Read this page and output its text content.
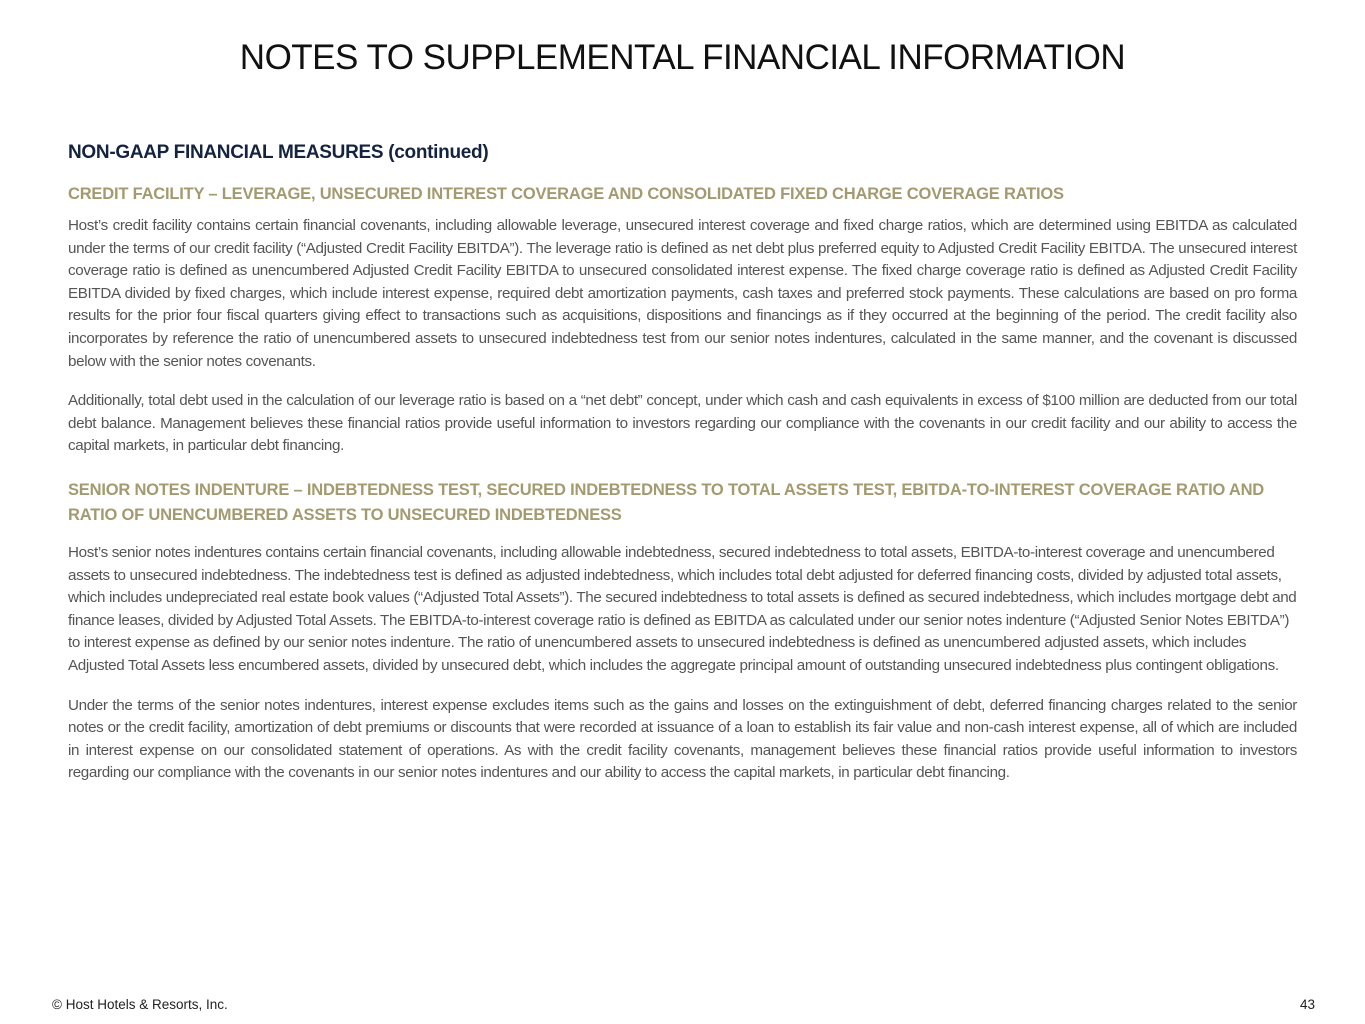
NOTES TO SUPPLEMENTAL FINANCIAL INFORMATION
NON-GAAP FINANCIAL MEASURES (continued)
CREDIT FACILITY – LEVERAGE, UNSECURED INTEREST COVERAGE AND CONSOLIDATED FIXED CHARGE COVERAGE RATIOS

Host’s credit facility contains certain financial covenants, including allowable leverage, unsecured interest coverage and fixed charge ratios, which are determined using EBITDA as calculated under the terms of our credit facility (“Adjusted Credit Facility EBITDA”). The leverage ratio is defined as net debt plus preferred equity to Adjusted Credit Facility EBITDA. The unsecured interest coverage ratio is defined as unencumbered Adjusted Credit Facility EBITDA to unsecured consolidated interest expense. The fixed charge coverage ratio is defined as Adjusted Credit Facility EBITDA divided by fixed charges, which include interest expense, required debt amortization payments, cash taxes and preferred stock payments. These calculations are based on pro forma results for the prior four fiscal quarters giving effect to transactions such as acquisitions, dispositions and financings as if they occurred at the beginning of the period. The credit facility also incorporates by reference the ratio of unencumbered assets to unsecured indebtedness test from our senior notes indentures, calculated in the same manner, and the covenant is discussed below with the senior notes covenants.

Additionally, total debt used in the calculation of our leverage ratio is based on a “net debt” concept, under which cash and cash equivalents in excess of $100 million are deducted from our total debt balance. Management believes these financial ratios provide useful information to investors regarding our compliance with the covenants in our credit facility and our ability to access the capital markets, in particular debt financing.

SENIOR NOTES INDENTURE – INDEBTEDNESS TEST, SECURED INDEBTEDNESS TO TOTAL ASSETS TEST, EBITDA-TO-INTEREST COVERAGE RATIO AND RATIO OF UNENCUMBERED ASSETS TO UNSECURED INDEBTEDNESS

Host’s senior notes indentures contains certain financial covenants, including allowable indebtedness, secured indebtedness to total assets, EBITDA-to-interest coverage and unencumbered assets to unsecured indebtedness. The indebtedness test is defined as adjusted indebtedness, which includes total debt adjusted for deferred financing costs, divided by adjusted total assets, which includes undepreciated real estate book values (“Adjusted Total Assets”). The secured indebtedness to total assets is defined as secured indebtedness, which includes mortgage debt and finance leases, divided by Adjusted Total Assets. The EBITDA-to-interest coverage ratio is defined as EBITDA as calculated under our senior notes indenture (“Adjusted Senior Notes EBITDA”) to interest expense as defined by our senior notes indenture. The ratio of unencumbered assets to unsecured indebtedness is defined as unencumbered adjusted assets, which includes Adjusted Total Assets less encumbered assets, divided by unsecured debt, which includes the aggregate principal amount of outstanding unsecured indebtedness plus contingent obligations.

Under the terms of the senior notes indentures, interest expense excludes items such as the gains and losses on the extinguishment of debt, deferred financing charges related to the senior notes or the credit facility, amortization of debt premiums or discounts that were recorded at issuance of a loan to establish its fair value and non-cash interest expense, all of which are included in interest expense on our consolidated statement of operations. As with the credit facility covenants, management believes these financial ratios provide useful information to investors regarding our compliance with the covenants in our senior notes indentures and our ability to access the capital markets, in particular debt financing.

© Host Hotels & Resorts, Inc.	43
